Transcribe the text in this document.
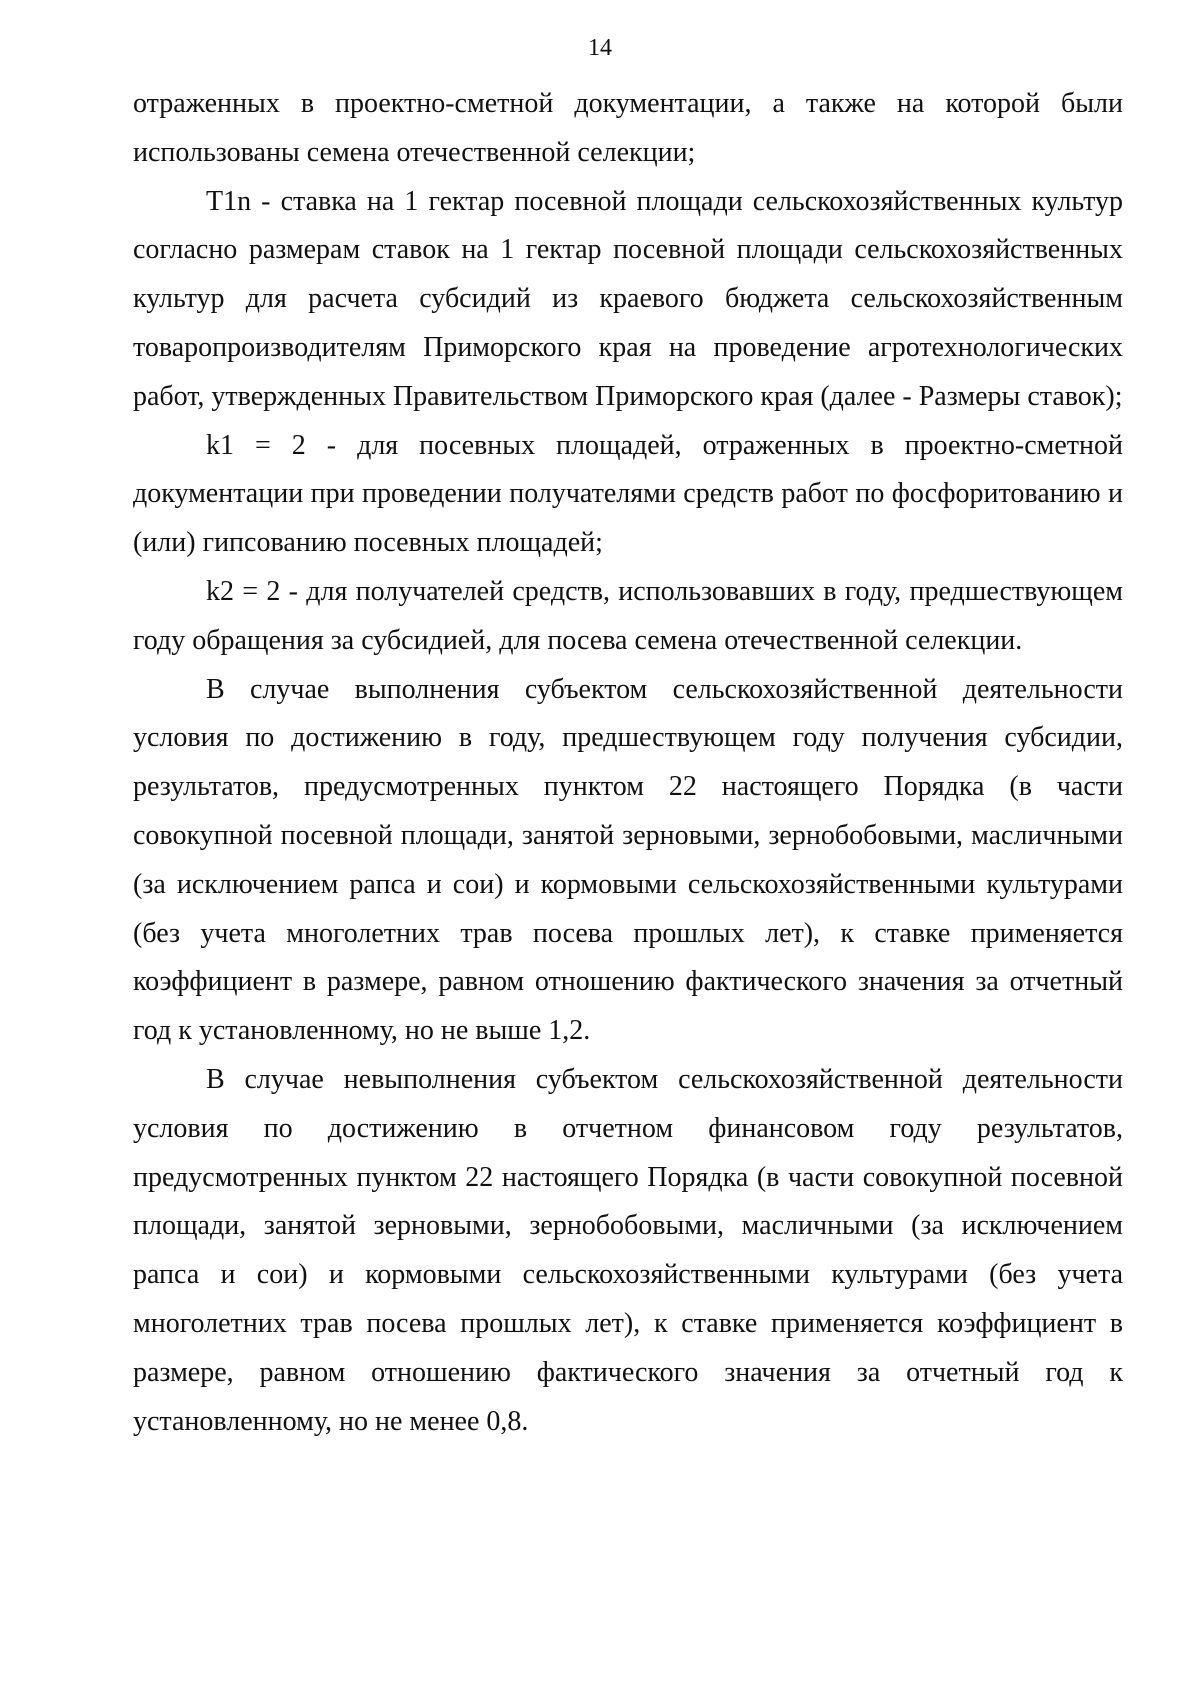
14

отраженных в проектно-сметной документации, а также на которой были использованы семена отечественной селекции;

T1n - ставка на 1 гектар посевной площади сельскохозяйственных культур согласно размерам ставок на 1 гектар посевной площади сельскохозяйственных культур для расчета субсидий из краевого бюджета сельскохозяйственным товаропроизводителям Приморского края на проведение агротехнологических работ, утвержденных Правительством Приморского края (далее - Размеры ставок);

k1 = 2 - для посевных площадей, отраженных в проектно-сметной документации при проведении получателями средств работ по фосфоритованию и (или) гипсованию посевных площадей;

k2 = 2 - для получателей средств, использовавших в году, предшествующем году обращения за субсидией, для посева семена отечественной селекции.

В случае выполнения субъектом сельскохозяйственной деятельности условия по достижению в году, предшествующем году получения субсидии, результатов, предусмотренных пунктом 22 настоящего Порядка (в части совокупной посевной площади, занятой зерновыми, зернобобовыми, масличными (за исключением рапса и сои) и кормовыми сельскохозяйственными культурами (без учета многолетних трав посева прошлых лет), к ставке применяется коэффициент в размере, равном отношению фактического значения за отчетный год к установленному, но не выше 1,2.

В случае невыполнения субъектом сельскохозяйственной деятельности условия по достижению в отчетном финансовом году результатов, предусмотренных пунктом 22 настоящего Порядка (в части совокупной посевной площади, занятой зерновыми, зернобобовыми, масличными (за исключением рапса и сои) и кормовыми сельскохозяйственными культурами (без учета многолетних трав посева прошлых лет), к ставке применяется коэффициент в размере, равном отношению фактического значения за отчетный год к установленному, но не менее 0,8.
